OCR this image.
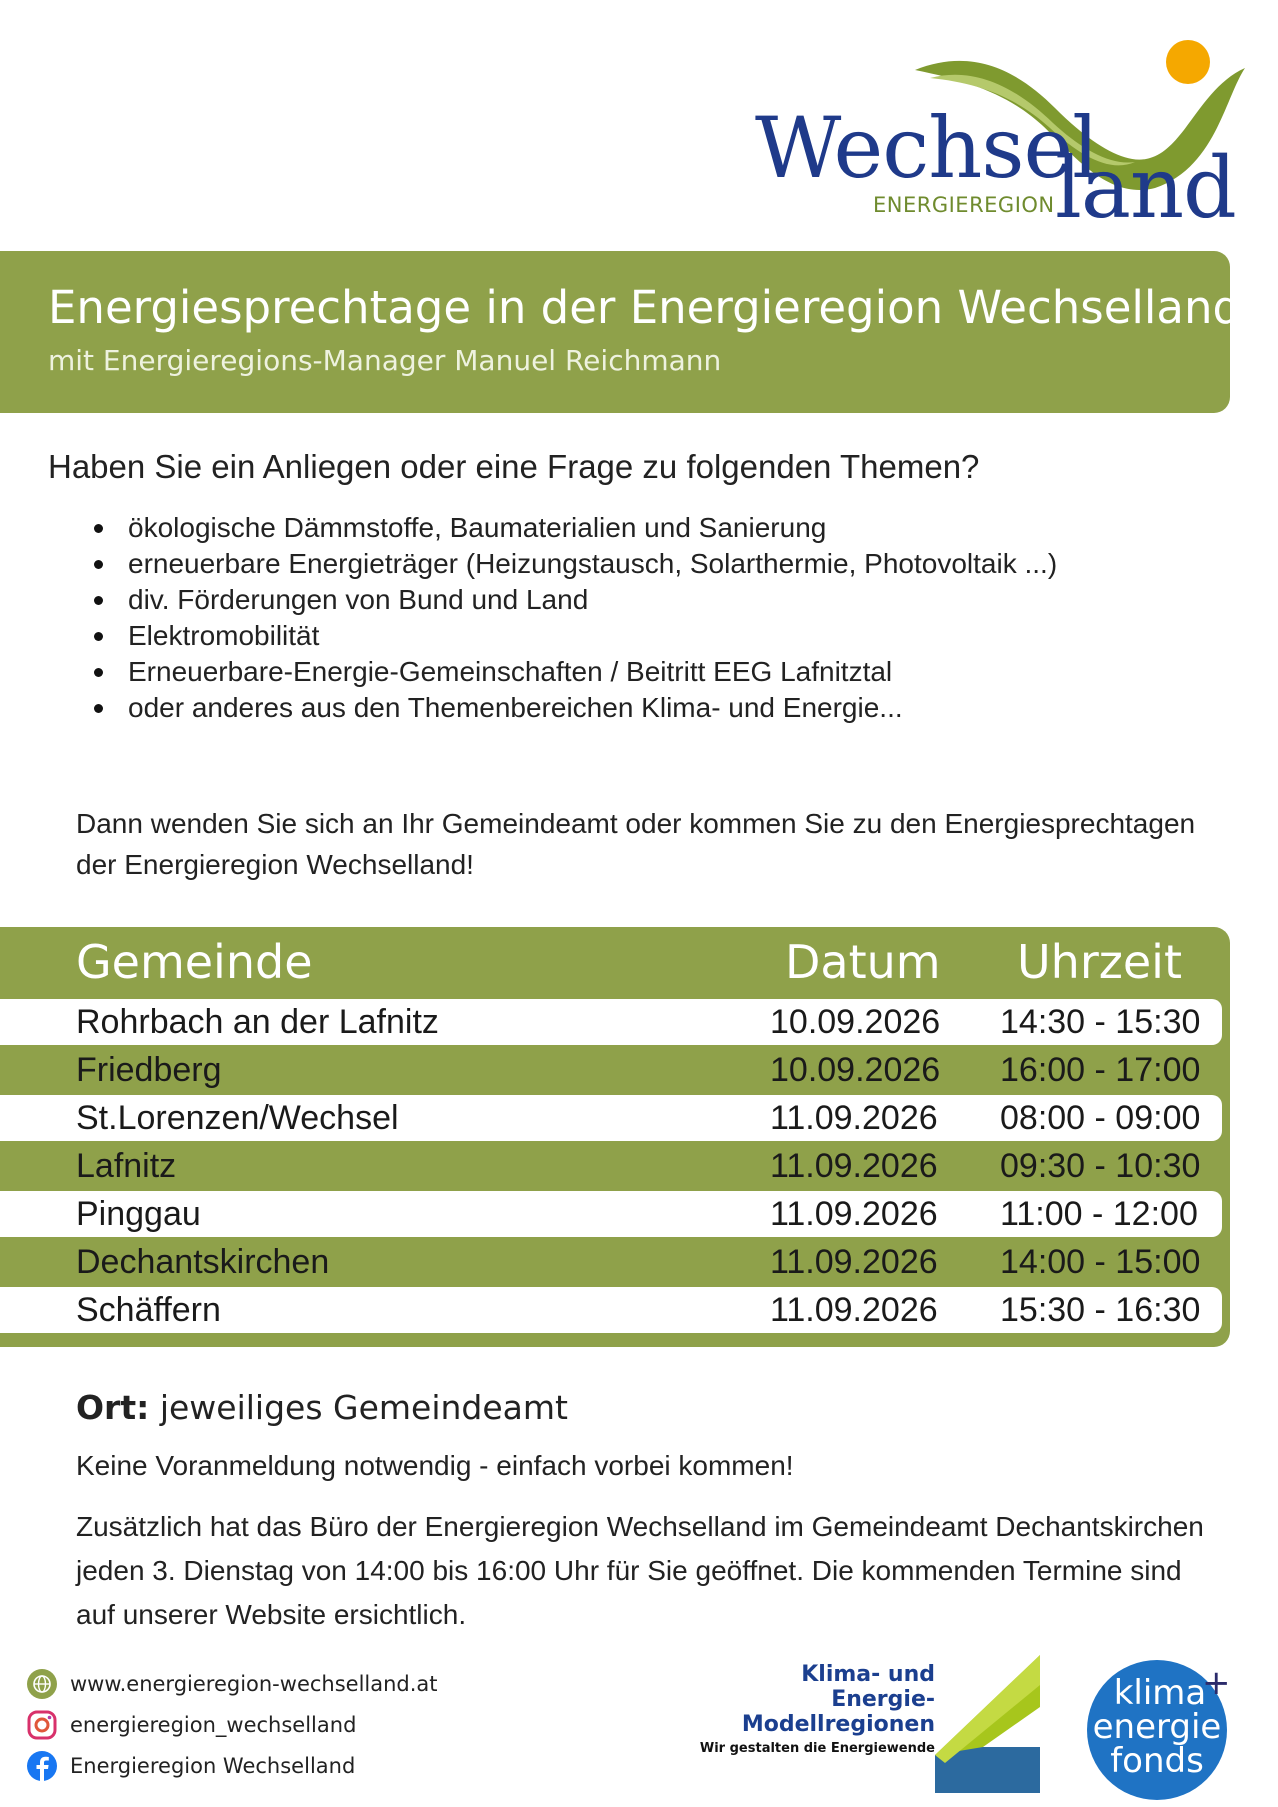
Wechsel
land
ENERGIEREGION
Energiesprechtage in der Energieregion Wechselland
mit Energieregions-Manager Manuel Reichmann
Haben Sie ein Anliegen oder eine Frage zu folgenden Themen?
ökologische Dämmstoffe, Baumaterialien und Sanierung
erneuerbare Energieträger (Heizungstausch, Solarthermie, Photovoltaik ...)
div. Förderungen von Bund und Land
Elektromobilität
Erneuerbare-Energie-Gemeinschaften / Beitritt EEG Lafnitztal
oder anderes aus den Themenbereichen Klima- und Energie...
Dann wenden Sie sich an Ihr Gemeindeamt oder kommen Sie zu den Energiesprechtagen der Energieregion Wechselland!
Gemeinde	Datum Uhrzeit
Rohrbach an der Lafnitz	10.09.2026 14:30 - 15:30
Friedberg	10.09.2026 16:00 - 17:00
St.Lorenzen/Wechsel	11.09.2026 08:00 - 09:00
Lafnitz	11.09.2026 09:30 - 10:30
Pinggau	11.09.2026 11:00 - 12:00
Dechantskirchen	11.09.2026 14:00 - 15:00
Schäffern	11.09.2026 15:30 - 16:30
Ort: jeweiliges Gemeindeamt
Keine Voranmeldung notwendig - einfach vorbei kommen!
Zusätzlich hat das Büro der Energieregion Wechselland im Gemeindeamt Dechantskirchen jeden 3. Dienstag von 14:00 bis 16:00 Uhr für Sie geöffnet. Die kommenden Termine sind auf unserer Website ersichtlich.
www.energieregion-wechselland.at
energieregion_wechselland
Energieregion Wechselland
Klima- und Energie-
Modellregionen
Wir gestalten die Energiewende
+
klima
energie
fonds
